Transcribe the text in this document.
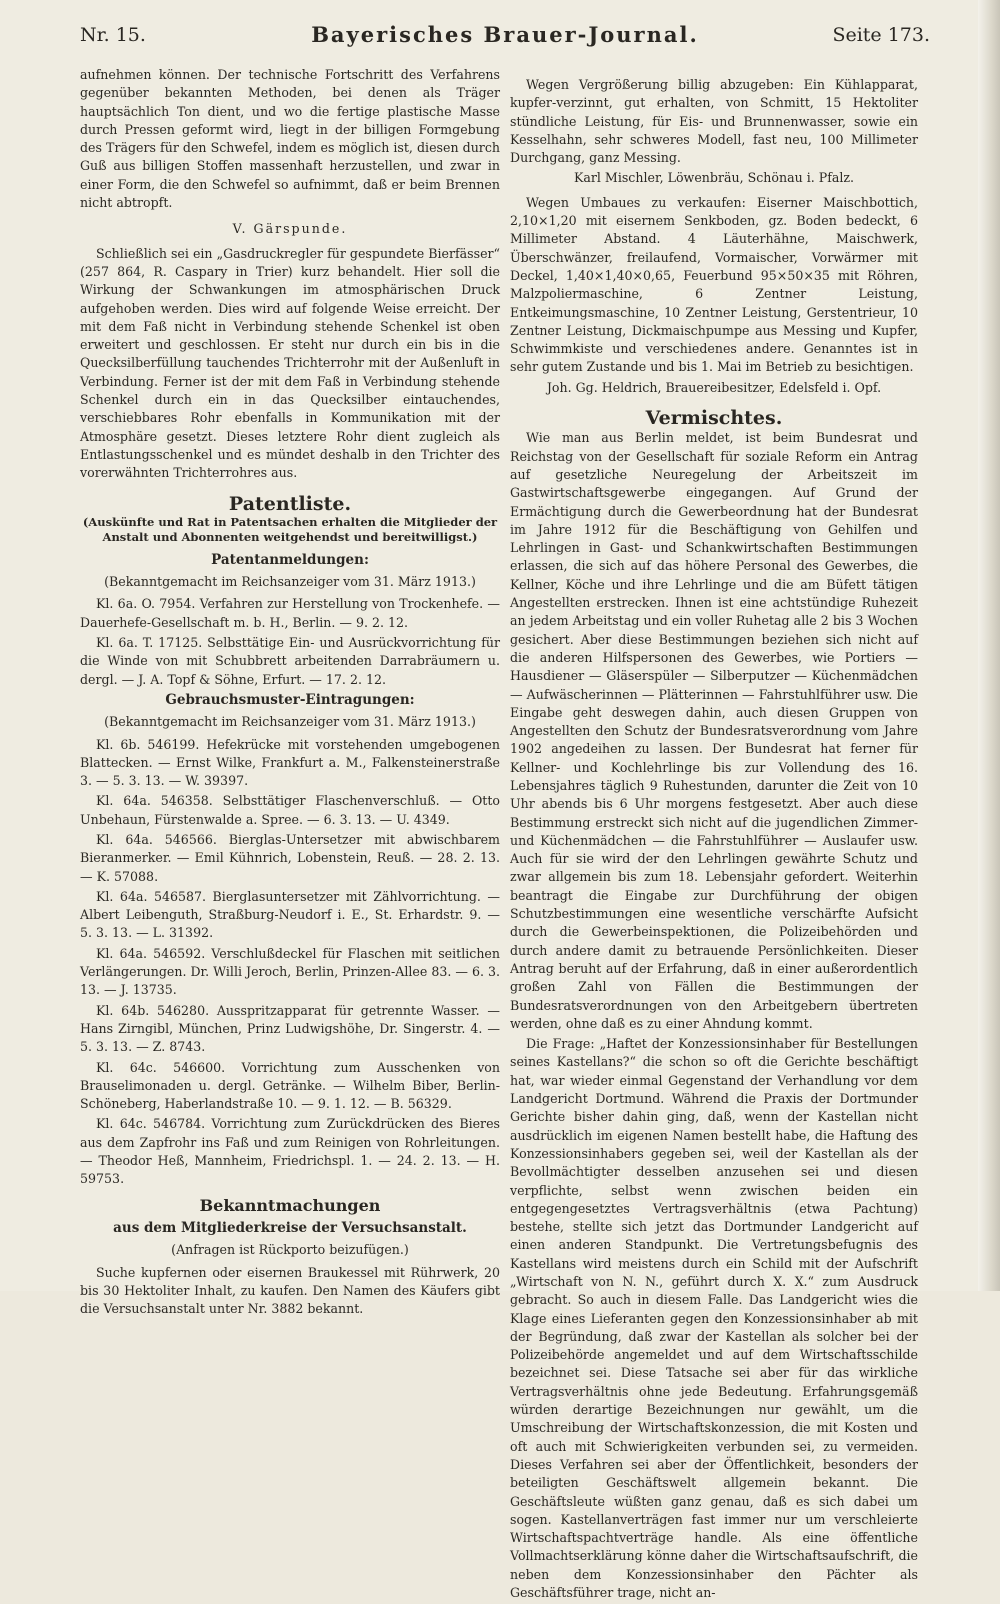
Nr. 15.	Bayerisches Brauer-Journal.	Seite 173.

aufnehmen können. Der technische Fortschritt des Verfahrens gegenüber bekannten Methoden, bei denen als Träger hauptsächlich Ton dient, und wo die fertige plastische Masse durch Pressen geformt wird, liegt in der billigen Formgebung des Trägers für den Schwefel, indem es möglich ist, diesen durch Guß aus billigen Stoffen massenhaft herzustellen, und zwar in einer Form, die den Schwefel so aufnimmt, daß er beim Brennen nicht abtropft.

V. Gärspunde.

Schließlich sei ein „Gasdruckregler für gespundete Bierfässer“ (257 864, R. Caspary in Trier) kurz behandelt. Hier soll die Wirkung der Schwankungen im atmosphärischen Druck aufgehoben werden. Dies wird auf folgende Weise erreicht. Der mit dem Faß nicht in Verbindung stehende Schenkel ist oben erweitert und geschlossen. Er steht nur durch ein bis in die Quecksilberfüllung tauchendes Trichterrohr mit der Außenluft in Verbindung. Ferner ist der mit dem Faß in Verbindung stehende Schenkel durch ein in das Quecksilber eintauchendes, verschiebbares Rohr ebenfalls in Kommunikation mit der Atmosphäre gesetzt. Dieses letztere Rohr dient zugleich als Entlastungsschenkel und es mündet deshalb in den Trichter des vorerwähnten Trichterrohres aus.

Patentliste.
(Auskünfte und Rat in Patentsachen erhalten die Mitglieder der Anstalt und Abonnenten weitgehendst und bereitwilligst.)
Patentanmeldungen:

(Bekanntgemacht im Reichsanzeiger vom 31. März 1913.)

Kl. 6a. O. 7954. Verfahren zur Herstellung von Trockenhefe. — Dauerhefe-Gesellschaft m. b. H., Berlin. — 9. 2. 12.

Kl. 6a. T. 17125. Selbsttätige Ein- und Ausrückvorrichtung für die Winde von mit Schubbrett arbeitenden Darrabräumern u. dergl. — J. A. Topf & Söhne, Erfurt. — 17. 2. 12.

Gebrauchsmuster-Eintragungen:

(Bekanntgemacht im Reichsanzeiger vom 31. März 1913.)

Kl. 6b. 546199. Hefekrücke mit vorstehenden umgebogenen Blattecken. — Ernst Wilke, Frankfurt a. M., Falkensteinerstraße 3. — 5. 3. 13. — W. 39397.

Kl. 64a. 546358. Selbsttätiger Flaschenverschluß. — Otto Unbehaun, Fürstenwalde a. Spree. — 6. 3. 13. — U. 4349.

Kl. 64a. 546566. Bierglas-Untersetzer mit abwischbarem Bieranmerker. — Emil Kühnrich, Lobenstein, Reuß. — 28. 2. 13. — K. 57088.

Kl. 64a. 546587. Bierglasuntersetzer mit Zählvorrichtung. — Albert Leibenguth, Straßburg-Neudorf i. E., St. Erhardstr. 9. — 5. 3. 13. — L. 31392.

Kl. 64a. 546592. Verschlußdeckel für Flaschen mit seitlichen Verlängerungen. Dr. Willi Jeroch, Berlin, Prinzen-Allee 83. — 6. 3. 13. — J. 13735.

Kl. 64b. 546280. Ausspritzapparat für getrennte Wasser. — Hans Zirngibl, München, Prinz Ludwigshöhe, Dr. Singerstr. 4. — 5. 3. 13. — Z. 8743.

Kl. 64c. 546600. Vorrichtung zum Ausschenken von Brauselimonaden u. dergl. Getränke. — Wilhelm Biber, Berlin-Schöneberg, Haberlandstraße 10. — 9. 1. 12. — B. 56329.

Kl. 64c. 546784. Vorrichtung zum Zurückdrücken des Bieres aus dem Zapfrohr ins Faß und zum Reinigen von Rohrleitungen. — Theodor Heß, Mannheim, Friedrichspl. 1. — 24. 2. 13. — H. 59753.

Bekanntmachungen
aus dem Mitgliederkreise der Versuchsanstalt.

(Anfragen ist Rückporto beizufügen.)

Suche kupfernen oder eisernen Braukessel mit Rührwerk, 20 bis 30 Hektoliter Inhalt, zu kaufen. Den Namen des Käufers gibt die Versuchsanstalt unter Nr. 3882 bekannt.

Wegen Vergrößerung billig abzugeben: Ein Kühlapparat, kupfer-verzinnt, gut erhalten, von Schmitt, 15 Hektoliter stündliche Leistung, für Eis- und Brunnenwasser, sowie ein Kesselhahn, sehr schweres Modell, fast neu, 100 Millimeter Durchgang, ganz Messing.

Karl Mischler, Löwenbräu, Schönau i. Pfalz.

Wegen Umbaues zu verkaufen: Eiserner Maischbottich, 2,10×1,20 mit eisernem Senkboden, gz. Boden bedeckt, 6 Millimeter Abstand. 4 Läuterhähne, Maischwerk, Überschwänzer, freilaufend, Vormaischer, Vorwärmer mit Deckel, 1,40×1,40×0,65, Feuerbund 95×50×35 mit Röhren, Malzpoliermaschine, 6 Zentner Leistung, Entkeimungsmaschine, 10 Zentner Leistung, Gerstentrieur, 10 Zentner Leistung, Dickmaischpumpe aus Messing und Kupfer, Schwimmkiste und verschiedenes andere. Genanntes ist in sehr gutem Zustande und bis 1. Mai im Betrieb zu besichtigen.

Joh. Gg. Heldrich, Brauereibesitzer, Edelsfeld i. Opf.

Vermischtes.

Wie man aus Berlin meldet, ist beim Bundesrat und Reichstag von der Gesellschaft für soziale Reform ein Antrag auf gesetzliche Neuregelung der Arbeitszeit im Gastwirtschaftsgewerbe eingegangen. Auf Grund der Ermächtigung durch die Gewerbeordnung hat der Bundesrat im Jahre 1912 für die Beschäftigung von Gehilfen und Lehrlingen in Gast- und Schankwirtschaften Bestimmungen erlassen, die sich auf das höhere Personal des Gewerbes, die Kellner, Köche und ihre Lehrlinge und die am Büfett tätigen Angestellten erstrecken. Ihnen ist eine achtstündige Ruhezeit an jedem Arbeitstag und ein voller Ruhetag alle 2 bis 3 Wochen gesichert. Aber diese Bestimmungen beziehen sich nicht auf die anderen Hilfspersonen des Gewerbes, wie Portiers — Hausdiener — Gläserspüler — Silberputzer — Küchenmädchen — Aufwäscherinnen — Plätterinnen — Fahrstuhlführer usw. Die Eingabe geht deswegen dahin, auch diesen Gruppen von Angestellten den Schutz der Bundesratsverordnung vom Jahre 1902 angedeihen zu lassen. Der Bundesrat hat ferner für Kellner- und Kochlehrlinge bis zur Vollendung des 16. Lebensjahres täglich 9 Ruhestunden, darunter die Zeit von 10 Uhr abends bis 6 Uhr morgens festgesetzt. Aber auch diese Bestimmung erstreckt sich nicht auf die jugendlichen Zimmer- und Küchenmädchen — die Fahrstuhlführer — Auslaufer usw. Auch für sie wird der den Lehrlingen gewährte Schutz und zwar allgemein bis zum 18. Lebensjahr gefordert. Weiterhin beantragt die Eingabe zur Durchführung der obigen Schutzbestimmungen eine wesentliche verschärfte Aufsicht durch die Gewerbeinspektionen, die Polizeibehörden und durch andere damit zu betrauende Persönlichkeiten. Dieser Antrag beruht auf der Erfahrung, daß in einer außerordentlich großen Zahl von Fällen die Bestimmungen der Bundesratsverordnungen von den Arbeitgebern übertreten werden, ohne daß es zu einer Ahndung kommt.

Die Frage: „Haftet der Konzessionsinhaber für Bestellungen seines Kastellans?“ die schon so oft die Gerichte beschäftigt hat, war wieder einmal Gegenstand der Verhandlung vor dem Landgericht Dortmund. Während die Praxis der Dortmunder Gerichte bisher dahin ging, daß, wenn der Kastellan nicht ausdrücklich im eigenen Namen bestellt habe, die Haftung des Konzessionsinhabers gegeben sei, weil der Kastellan als der Bevollmächtigter desselben anzusehen sei und diesen verpflichte, selbst wenn zwischen beiden ein entgegengesetztes Vertragsverhältnis (etwa Pachtung) bestehe, stellte sich jetzt das Dortmunder Landgericht auf einen anderen Standpunkt. Die Vertretungsbefugnis des Kastellans wird meistens durch ein Schild mit der Aufschrift „Wirtschaft von N. N., geführt durch X. X.“ zum Ausdruck gebracht. So auch in diesem Falle. Das Landgericht wies die Klage eines Lieferanten gegen den Konzessionsinhaber ab mit der Begründung, daß zwar der Kastellan als solcher bei der Polizeibehörde angemeldet und auf dem Wirtschaftsschilde bezeichnet sei. Diese Tatsache sei aber für das wirkliche Vertragsverhältnis ohne jede Bedeutung. Erfahrungsgemäß würden derartige Bezeichnungen nur gewählt, um die Umschreibung der Wirtschaftskonzession, die mit Kosten und oft auch mit Schwierigkeiten verbunden sei, zu vermeiden. Dieses Verfahren sei aber der Öffentlichkeit, besonders der beteiligten Geschäftswelt allgemein bekannt. Die Geschäftsleute wüßten ganz genau, daß es sich dabei um sogen. Kastellanverträgen fast immer nur um verschleierte Wirtschaftspachtverträge handle. Als eine öffentliche Vollmachtserklärung könne daher die Wirtschaftsaufschrift, die neben dem Konzessionsinhaber den Pächter als Geschäftsführer trage, nicht an-
